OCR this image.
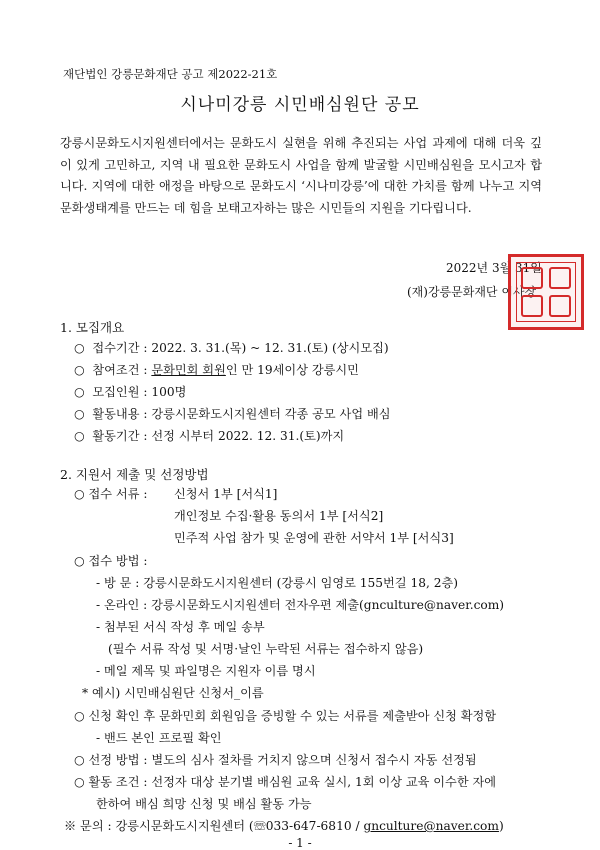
재단법인 강릉문화재단 공고 제2022-21호
시나미강릉 시민배심원단 공모
강릉시문화도시지원센터에서는 문화도시 실현을 위해 추진되는 사업 과제에 대해 더욱 깊이 있게 고민하고, 지역 내 필요한 문화도시 사업을 함께 발굴할 시민배심원을 모시고자 합니다. 지역에 대한 애정을 바탕으로 문화도시 ‘시나미강릉’에 대한 가치를 함께 나누고 지역문화생태계를 만드는 데 힘을 보태고자하는 많은 시민들의 지원을 기다립니다.
2022년 3월 31일
(재)강릉문화재단 이사장
1. 모집개요
○ 접수기간 : 2022. 3. 31.(목) ~ 12. 31.(토) (상시모집)
○ 참여조건 : 문화민회 회원인 만 19세이상 강릉시민
○ 모집인원 : 100명
○ 활동내용 : 강릉시문화도시지원센터 각종 공모 사업 배심
○ 활동기간 : 선정 시부터 2022. 12. 31.(토)까지
2. 지원서 제출 및 선정방법
○ 접수 서류 : 신청서 1부 [서식1]
개인정보 수집·활용 동의서 1부 [서식2]
민주적 사업 참가 및 운영에 관한 서약서 1부 [서식3]
○ 접수 방법 :
- 방 문 : 강릉시문화도시지원센터 (강릉시 임영로 155번길 18, 2층)
- 온라인 : 강릉시문화도시지원센터 전자우편 제출(gnculture@naver.com)
- 첨부된 서식 작성 후 메일 송부
(필수 서류 작성 및 서명·날인 누락된 서류는 접수하지 않음)
- 메일 제목 및 파일명은 지원자 이름 명시
* 예시) 시민배심원단 신청서_이름
○ 신청 확인 후 문화민회 회원임을 증빙할 수 있는 서류를 제출받아 신청 확정함
- 밴드 본인 프로필 확인
○ 선정 방법 : 별도의 심사 절차를 거치지 않으며 신청서 접수시 자동 선정됨
○ 활동 조건 : 선정자 대상 분기별 배심원 교육 실시, 1회 이상 교육 이수한 자에
한하여 배심 희망 신청 및 배심 활동 가능
※ 문의 : 강릉시문화도시지원센터 (☏033-647-6810 / gnculture@naver.com)
- 1 -
